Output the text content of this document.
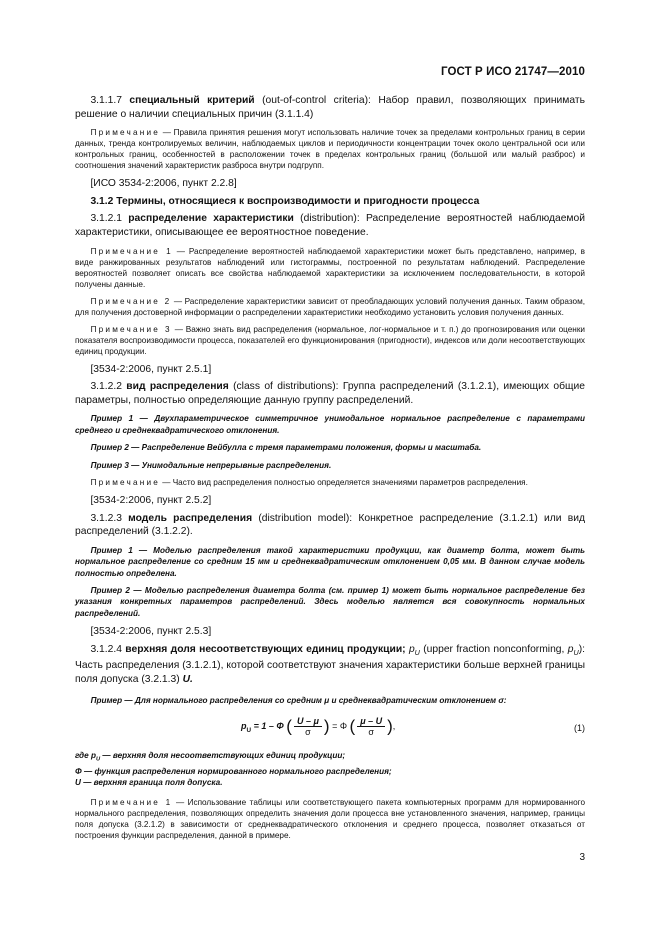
ГОСТ Р ИСО 21747—2010

3.1.1.7 специальный критерий (out-of-control criteria): Набор правил, позволяющих принимать решение о наличии специальных причин (3.1.1.4)

Примечание — Правила принятия решения могут использовать наличие точек за пределами контрольных границ в серии данных, тренда контролируемых величин, наблюдаемых циклов и периодичности концентрации точек около центральной оси или контрольных границ, особенностей в расположении точек в пределах контрольных границ (большой или малый разброс) и соотношения значений характеристик разброса внутри подгрупп.

[ИСО 3534-2:2006, пункт 2.2.8]

3.1.2 Термины, относящиеся к воспроизводимости и пригодности процесса

3.1.2.1 распределение характеристики (distribution): Распределение вероятностей наблюдаемой характеристики, описывающее ее вероятностное поведение.

Примечание 1 — Распределение вероятностей наблюдаемой характеристики может быть представлено, например, в виде ранжированных результатов наблюдений или гистограммы, построенной по результатам наблюдений. Распределение вероятностей позволяет описать все свойства наблюдаемой характеристики за исключением последовательности, в которой получены данные.

Примечание 2 — Распределение характеристики зависит от преобладающих условий получения данных. Таким образом, для получения достоверной информации о распределении характеристики необходимо установить условия получения данных.

Примечание 3 — Важно знать вид распределения (нормальное, лог-нормальное и т. п.) до прогнозирования или оценки показателя воспроизводимости процесса, показателей его функционирования (пригодности), индексов или доли несоответствующих единиц продукции.

[3534-2:2006, пункт 2.5.1]

3.1.2.2 вид распределения (class of distributions): Группа распределений (3.1.2.1), имеющих общие параметры, полностью определяющие данную группу распределений.

Пример 1 — Двухпараметрическое симметричное унимодальное нормальное распределение с параметрами среднего и среднеквадратического отклонения.

Пример 2 — Распределение Вейбулла с тремя параметрами положения, формы и масштаба.

Пример 3 — Унимодальные непрерывные распределения.

Примечание — Часто вид распределения полностью определяется значениями параметров распределения.

[3534-2:2006, пункт 2.5.2]

3.1.2.3 модель распределения (distribution model): Конкретное распределение (3.1.2.1) или вид распределений (3.1.2.2).

Пример 1 — Моделью распределения такой характеристики продукции, как диаметр болта, может быть нормальное распределение со средним 15 мм и среднеквадратическим отклонением 0,05 мм. В данном случае модель полностью определена.

Пример 2 — Моделью распределения диаметра болта (см. пример 1) может быть нормальное распределение без указания конкретных параметров распределений. Здесь моделью является вся совокупность нормальных распределений.

[3534-2:2006, пункт 2.5.3]

3.1.2.4 верхняя доля несоответствующих единиц продукции; $p_U$ (upper fraction nonconforming, $p_U$): Часть распределения (3.1.2.1), которой соответствуют значения характеристики больше верхней границы поля допуска (3.2.1.3) U.

Пример — Для нормального распределения со средним μ и среднеквадратическим отклонением σ:

$p_U = 1 - \Phi$ ( $\frac{U - \mu}{\sigma}$ ) = Φ ( $\frac{\mu - U}{\sigma}$ ),	(1)
где $p_U$ — верхняя доля несоответствующих единиц продукции;
Φ — функция распределения нормированного нормального распределения;
U — верхняя граница поля допуска.

Примечание 1 — Использование таблицы или соответствующего пакета компьютерных программ для нормированного нормального распределения, позволяющих определить значения доли процесса вне установленного значения, например, границы поля допуска (3.2.1.2) в зависимости от среднеквадратического отклонения и среднего процесса, позволяет отказаться от построения функции распределения, данной в примере.

3
